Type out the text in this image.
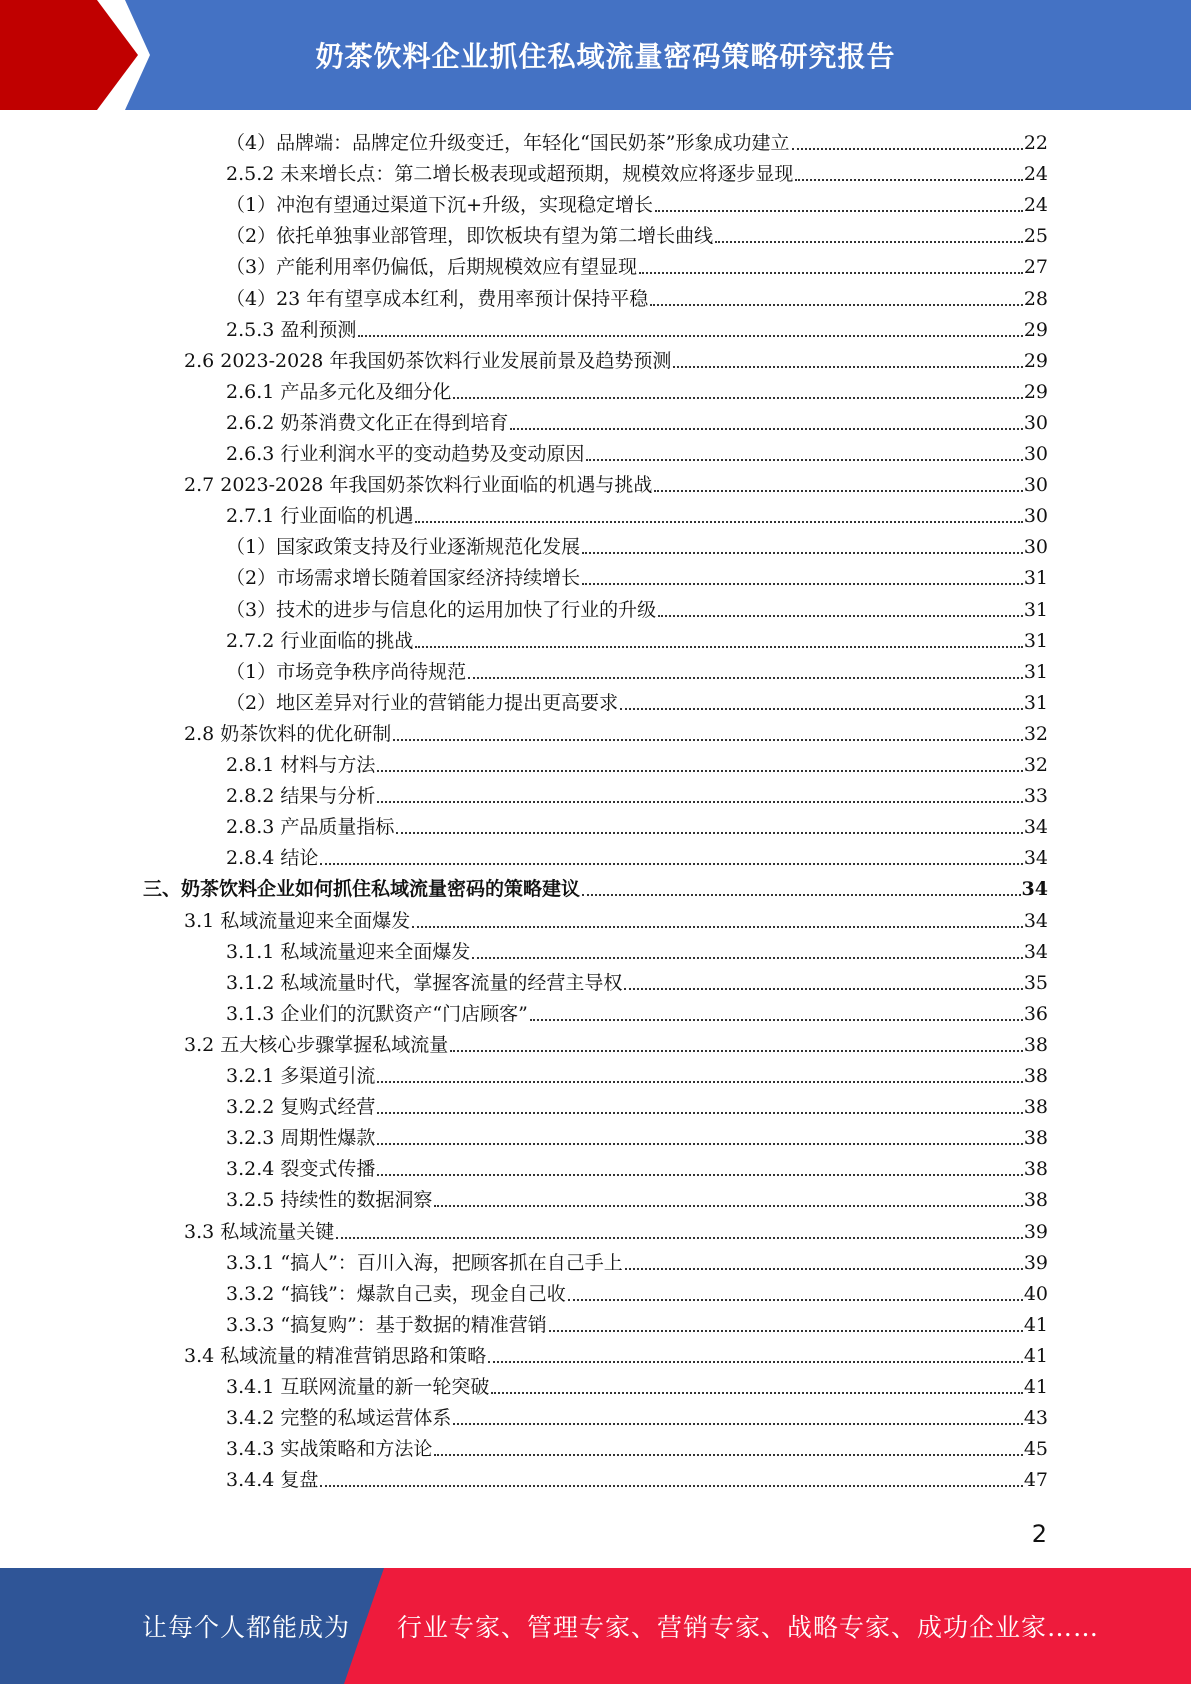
奶茶饮料企业抓住私域流量密码策略研究报告
（4）品牌端：品牌定位升级变迁，年轻化“国民奶茶”形象成功建立	22
2.5.2 未来增长点：第二增长极表现或超预期，规模效应将逐步显现	24
（1）冲泡有望通过渠道下沉+升级，实现稳定增长	24
（2）依托单独事业部管理，即饮板块有望为第二增长曲线	25
（3）产能利用率仍偏低，后期规模效应有望显现	27
（4）23 年有望享成本红利，费用率预计保持平稳	28
2.5.3 盈利预测	29
2.6 2023-2028 年我国奶茶饮料行业发展前景及趋势预测	29
2.6.1 产品多元化及细分化	29
2.6.2 奶茶消费文化正在得到培育	30
2.6.3 行业利润水平的变动趋势及变动原因	30
2.7 2023-2028 年我国奶茶饮料行业面临的机遇与挑战	30
2.7.1 行业面临的机遇	30
（1）国家政策支持及行业逐渐规范化发展	30
（2）市场需求增长随着国家经济持续增长	31
（3）技术的进步与信息化的运用加快了行业的升级	31
2.7.2 行业面临的挑战	31
（1）市场竞争秩序尚待规范	31
（2）地区差异对行业的营销能力提出更高要求	31
2.8 奶茶饮料的优化研制	32
2.8.1 材料与方法	32
2.8.2 结果与分析	33
2.8.3 产品质量指标	34
2.8.4 结论	34
三、奶茶饮料企业如何抓住私域流量密码的策略建议	34
3.1 私域流量迎来全面爆发	34
3.1.1 私域流量迎来全面爆发	34
3.1.2 私域流量时代，掌握客流量的经营主导权	35
3.1.3 企业们的沉默资产“门店顾客”	36
3.2 五大核心步骤掌握私域流量	38
3.2.1 多渠道引流	38
3.2.2 复购式经营	38
3.2.3 周期性爆款	38
3.2.4 裂变式传播	38
3.2.5 持续性的数据洞察	38
3.3 私域流量关键	39
3.3.1 “搞人”：百川入海，把顾客抓在自己手上	39
3.3.2 “搞钱”：爆款自己卖，现金自己收	40
3.3.3 “搞复购”：基于数据的精准营销	41
3.4 私域流量的精准营销思路和策略	41
3.4.1 互联网流量的新一轮突破	41
3.4.2 完整的私域运营体系	43
3.4.3 实战策略和方法论	45
3.4.4 复盘	47
2
让每个人都能成为 行业专家、管理专家、营销专家、战略专家、成功企业家……
